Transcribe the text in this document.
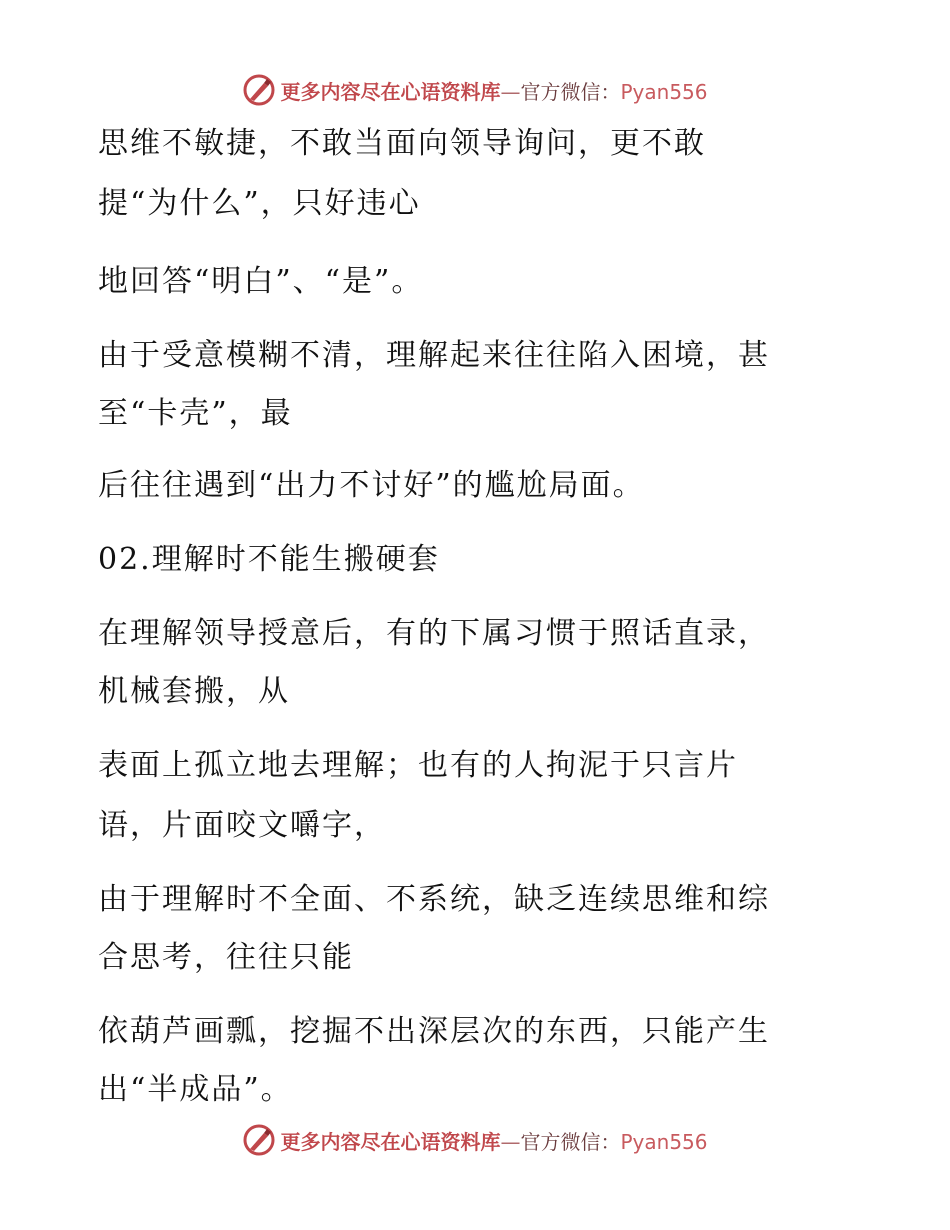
更多内容尽在心语资料库—官方微信：Pyan556
思维不敏捷，不敢当面向领导询问，更不敢
提“为什么”，只好违心
地回答“明白”、“是”。
由于受意模糊不清，理解起来往往陷入困境，甚
至“卡壳”，最
后往往遇到“出力不讨好”的尴尬局面。
02.理解时不能生搬硬套
在理解领导授意后，有的下属习惯于照话直录，
机械套搬，从
表面上孤立地去理解；也有的人拘泥于只言片
语，片面咬文嚼字，
由于理解时不全面、不系统，缺乏连续思维和综
合思考，往往只能
依葫芦画瓢，挖掘不出深层次的东西，只能产生
出“半成品”。
更多内容尽在心语资料库—官方微信：Pyan556
